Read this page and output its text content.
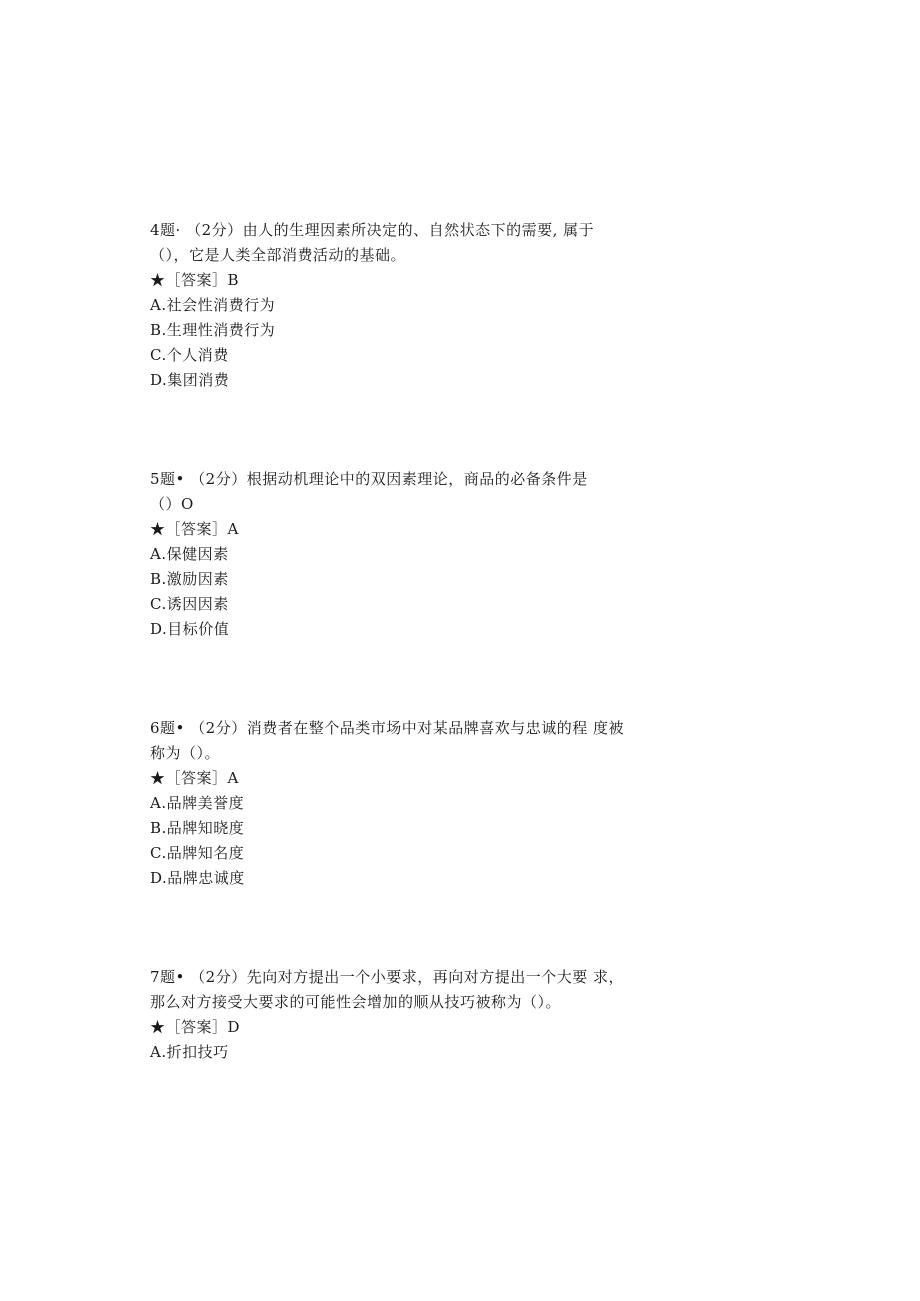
4题· （2分）由人的生理因素所决定的、自然状态下的需要, 属于
（），它是人类全部消费活动的基础。
★［答案］B
A.社会性消费行为
B.生理性消费行为
C.个人消费
D.集团消费
5题• （2分）根据动机理论中的双因素理论，商品的必备条件是
（）O
★［答案］A
A.保健因素
B.激励因素
C.诱因因素
D.目标价值
6题• （2分）消费者在整个品类市场中对某品牌喜欢与忠诚的程 度被
称为（）。
★［答案］A
A.品牌美誉度
B.品牌知晓度
C.品牌知名度
D.品牌忠诚度
7题• （2分）先向对方提出一个小要求，再向对方提出一个大要 求，
那么对方接受大要求的可能性会增加的顺从技巧被称为（）。
★［答案］D
A.折扣技巧
